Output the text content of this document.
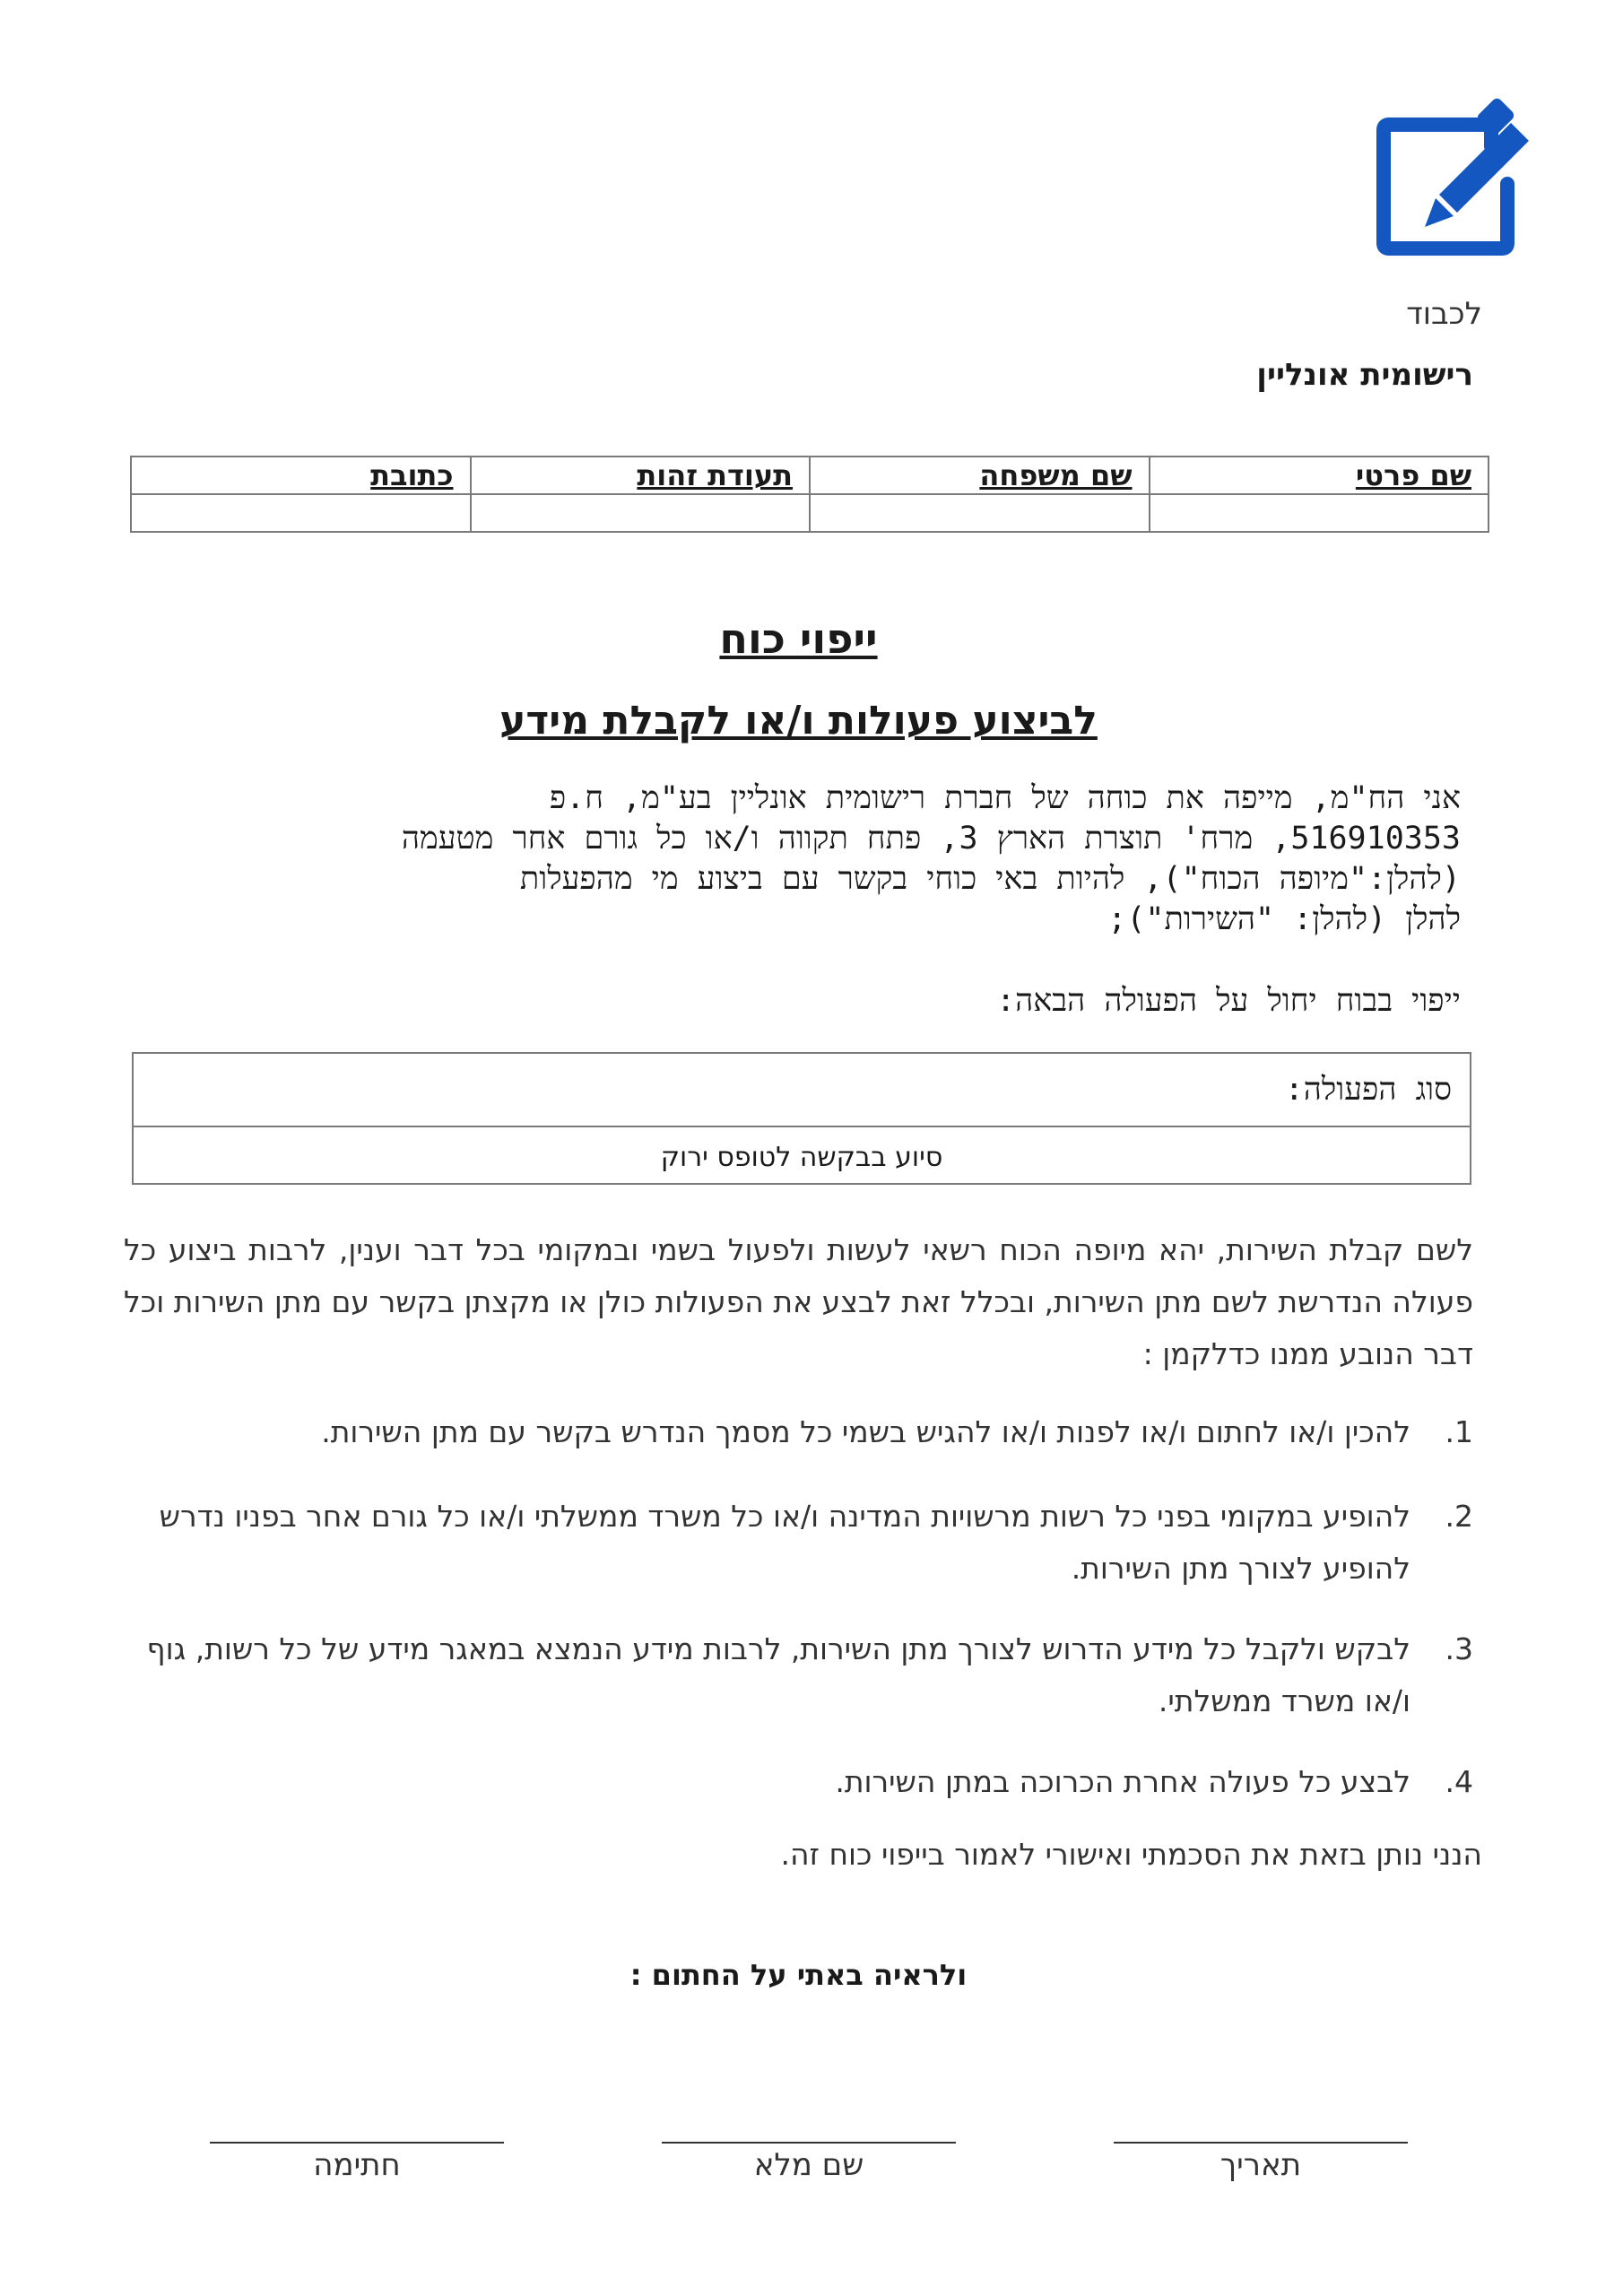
לכבוד
רישומית אונליין
שם פרטי	שם משפחה	תעודת זהות	כתובת

ייפוי כוח
לביצוע פעולות ו/או לקבלת מידע
אני הח"מ, מייפה את כוחה של חברת רישומית אונליין בע"מ, ח.פ
516910353, מרח' תוצרת הארץ 3, פתח תקווה ו/או כל גורם אחר מטעמה
(להלן:"מיופה הכוח"), להיות באי כוחי בקשר עם ביצוע מי מהפעלות
להלן (להלן: "השירות");
ייפוי בבוח יחול על הפעולה הבאה:
סוג הפעולה:
סיוע בבקשה לטופס ירוק
לשם קבלת השירות, יהא מיופה הכוח רשאי לעשות ולפעול בשמי ובמקומי בכל דבר וענין, לרבות ביצוע כל פעולה הנדרשת לשם מתן השירות, ובכלל זאת לבצע את הפעולות כולן או מקצתן בקשר עם מתן השירות וכל דבר הנובע ממנו כדלקמן :
1.
להכין ו/או לחתום ו/או לפנות ו/או להגיש בשמי כל מסמך הנדרש בקשר עם מתן השירות.
2.
להופיע במקומי בפני כל רשות מרשויות המדינה ו/או כל משרד ממשלתי ו/או כל גורם אחר בפניו נדרש להופיע לצורך מתן השירות.
3.
לבקש ולקבל כל מידע הדרוש לצורך מתן השירות, לרבות מידע הנמצא במאגר מידע של כל רשות, גוף ו/או משרד ממשלתי.
4.
לבצע כל פעולה אחרת הכרוכה במתן השירות.
הנני נותן בזאת את הסכמתי ואישורי לאמור בייפוי כוח זה.
ולראיה באתי על החתום :
תאריך
שם מלא
חתימה
